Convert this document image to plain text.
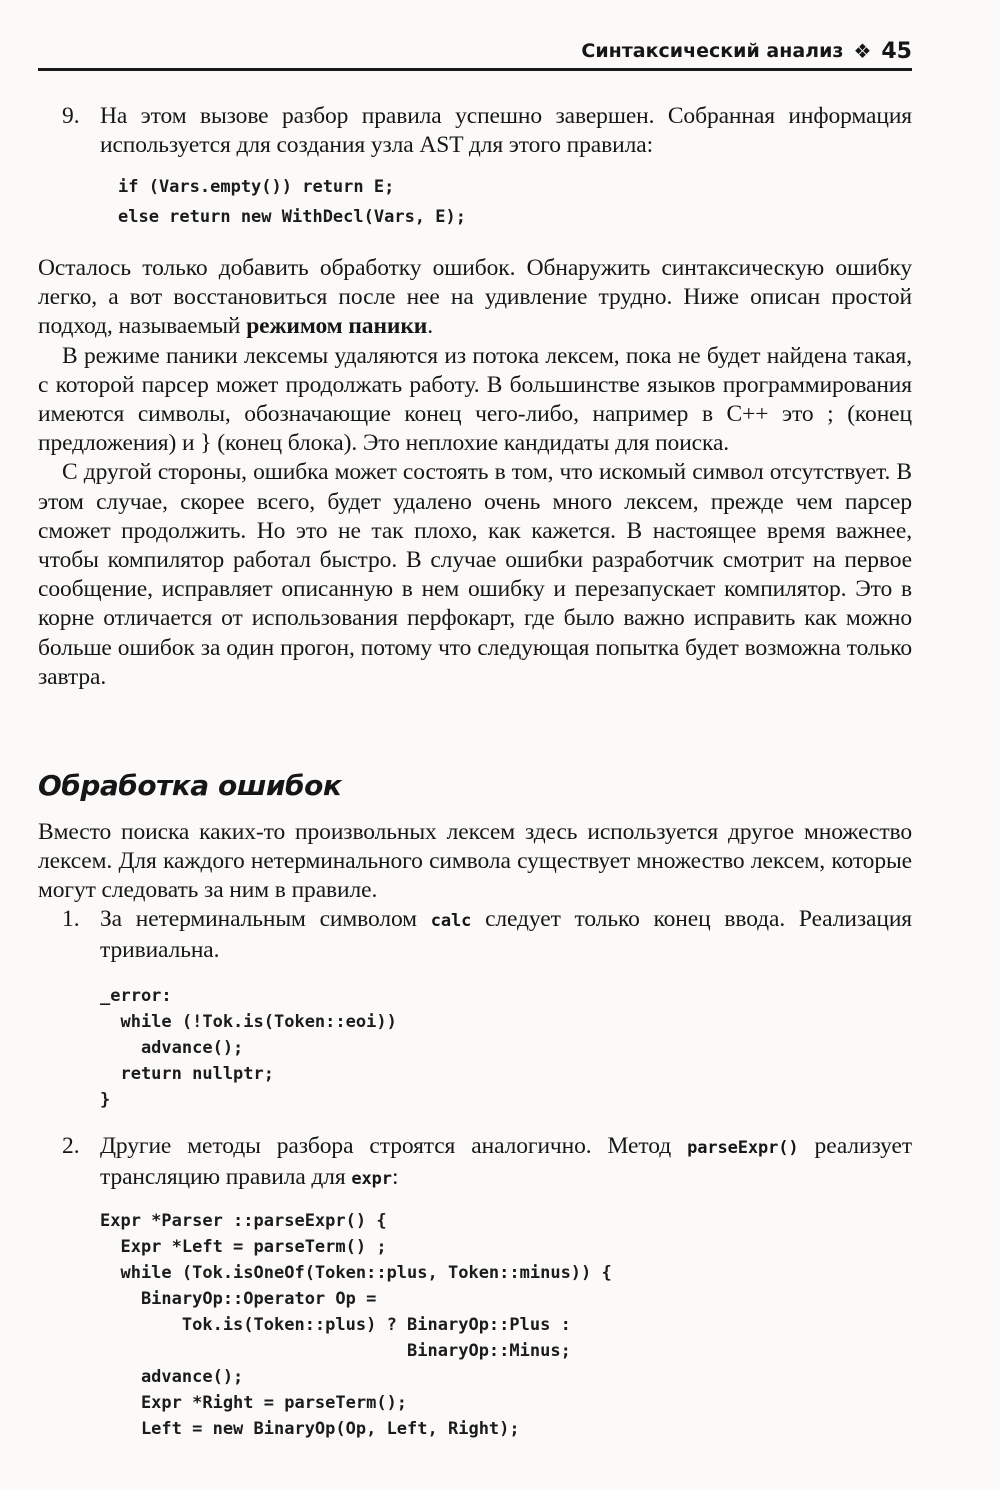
Синтаксический анализ ❖ 45
9. На этом вызове разбор правила успешно завершен. Собранная информация используется для создания узла AST для этого правила:

if (Vars.empty()) return E;
else return new WithDecl(Vars, E);

Осталось только добавить обработку ошибок. Обнаружить синтаксическую ошибку легко, а вот восстановиться после нее на удивление трудно. Ниже описан простой подход, называемый режимом паники.

В режиме паники лексемы удаляются из потока лексем, пока не будет найдена такая, с которой парсер может продолжать работу. В большинстве языков программирования имеются символы, обозначающие конец чего-либо, например в C++ это ; (конец предложения) и } (конец блока). Это неплохие кандидаты для поиска.

С другой стороны, ошибка может состоять в том, что искомый символ отсутствует. В этом случае, скорее всего, будет удалено очень много лексем, прежде чем парсер сможет продолжить. Но это не так плохо, как кажется. В настоящее время важнее, чтобы компилятор работал быстро. В случае ошибки разработчик смотрит на первое сообщение, исправляет описанную в нем ошибку и перезапускает компилятор. Это в корне отличается от использования перфокарт, где было важно исправить как можно больше ошибок за один прогон, потому что следующая попытка будет возможна только завтра.

Обработка ошибок

Вместо поиска каких-то произвольных лексем здесь используется другое множество лексем. Для каждого нетерминального символа существует множество лексем, которые могут следовать за ним в правиле.

1. За нетерминальным символом calc следует только конец ввода. Реализация тривиальна.

_error:
while (!Tok.is(Token::eoi))
advance();
return nullptr;
}
2. Другие методы разбора строятся аналогично. Метод parseExpr() реализует трансляцию правила для expr:

Expr *Parser ::parseExpr() {
Expr *Left = parseTerm() ;
while (Tok.isOneOf(Token::plus, Token::minus)) {
BinaryOp::Operator Op =
Tok.is(Token::plus) ? BinaryOp::Plus :
BinaryOp::Minus;
advance();
Expr *Right = parseTerm();
Left = new BinaryOp(Op, Left, Right);
